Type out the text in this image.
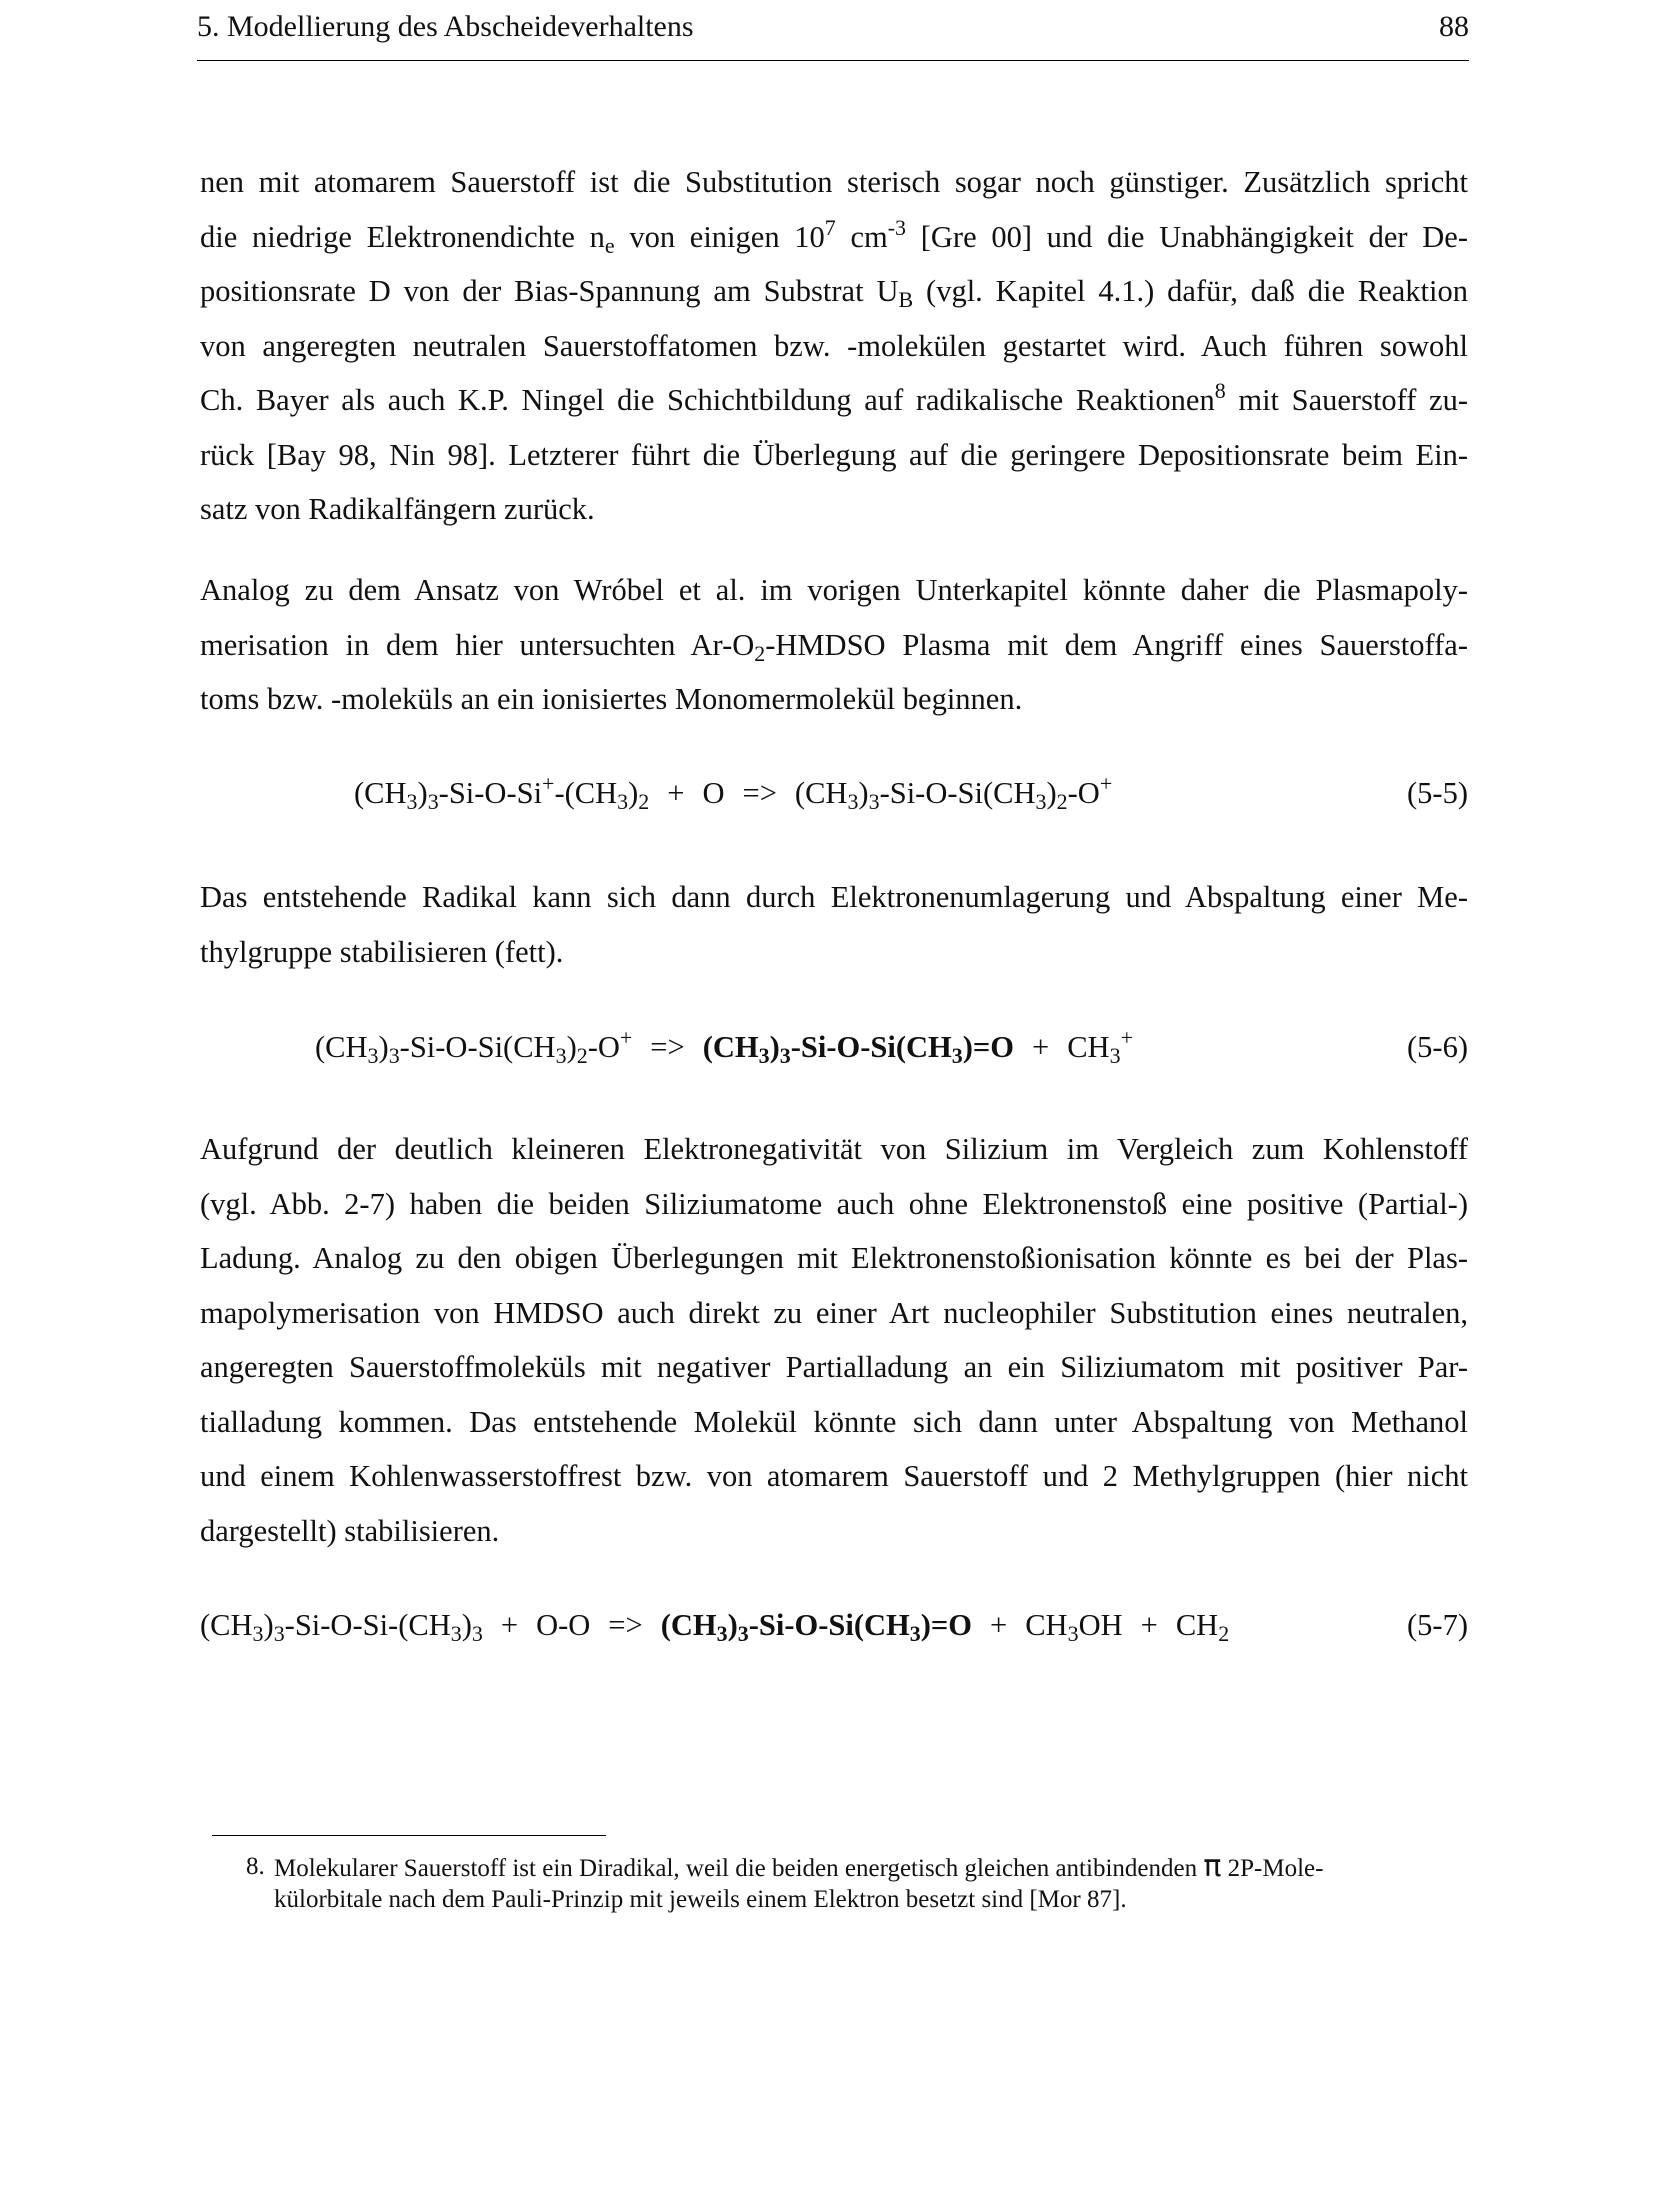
5. Modellierung des Abscheideverhaltens	88
nen mit atomarem Sauerstoff ist die Substitution sterisch sogar noch günstiger. Zusätzlich spricht
die niedrige Elektronendichte $n_e$ von einigen $10^7$ $cm^{-3}$ [Gre 00] und die Unabhängigkeit der De-
positionsrate D von der Bias-Spannung am Substrat $U_B$ (vgl. Kapitel 4.1.) dafür, daß die Reaktion
von angeregten neutralen Sauerstoffatomen bzw. -molekülen gestartet wird. Auch führen sowohl
Ch. Bayer als auch K.P. Ningel die Schichtbildung auf radikalische Reaktionen$^8$ mit Sauerstoff zu-
rück [Bay 98, Nin 98]. Letzterer führt die Überlegung auf die geringere Depositionsrate beim Ein-
satz von Radikalfängern zurück.
Analog zu dem Ansatz von Wróbel et al. im vorigen Unterkapitel könnte daher die Plasmapoly-
merisation in dem hier untersuchten $Ar-O_2$-HMDSO Plasma mit dem Angriff eines Sauerstoffa-
toms bzw. -moleküls an ein ionisiertes Monomermolekül beginnen.
$(CH_3)_3-Si-O-Si^+-(CH_3)_2 + O => (CH_3)_3-Si-O-Si(CH_3)_2-O^+$	(5-5)
Das entstehende Radikal kann sich dann durch Elektronenumlagerung und Abspaltung einer Me-
thylgruppe stabilisieren (fett).
$(CH_3)_3-Si-O-Si(CH_3)_2-O^+ => (CH_3)_3-Si-O-Si(CH_3)=O + CH_3^+$	(5-6)
Aufgrund der deutlich kleineren Elektronegativität von Silizium im Vergleich zum Kohlenstoff
(vgl. Abb. 2-7) haben die beiden Siliziumatome auch ohne Elektronenstoß eine positive (Partial-)
Ladung. Analog zu den obigen Überlegungen mit Elektronenstoßionisation könnte es bei der Plas-
mapolymerisation von HMDSO auch direkt zu einer Art nucleophiler Substitution eines neutralen,
angeregten Sauerstoffmoleküls mit negativer Partialladung an ein Siliziumatom mit positiver Par-
tialladung kommen. Das entstehende Molekül könnte sich dann unter Abspaltung von Methanol
und einem Kohlenwasserstoffrest bzw. von atomarem Sauerstoff und 2 Methylgruppen (hier nicht
dargestellt) stabilisieren.
$(CH_3)_3-Si-O-Si-(CH_3)_3 + O-O => (CH_3)_3-Si-O-Si(CH_3)=O + CH_3OH + CH_2$	(5-7)
8. Molekularer Sauerstoff ist ein Diradikal, weil die beiden energetisch gleichen antibindenden π 2P-Mole-
külorbitale nach dem Pauli-Prinzip mit jeweils einem Elektron besetzt sind [Mor 87].
